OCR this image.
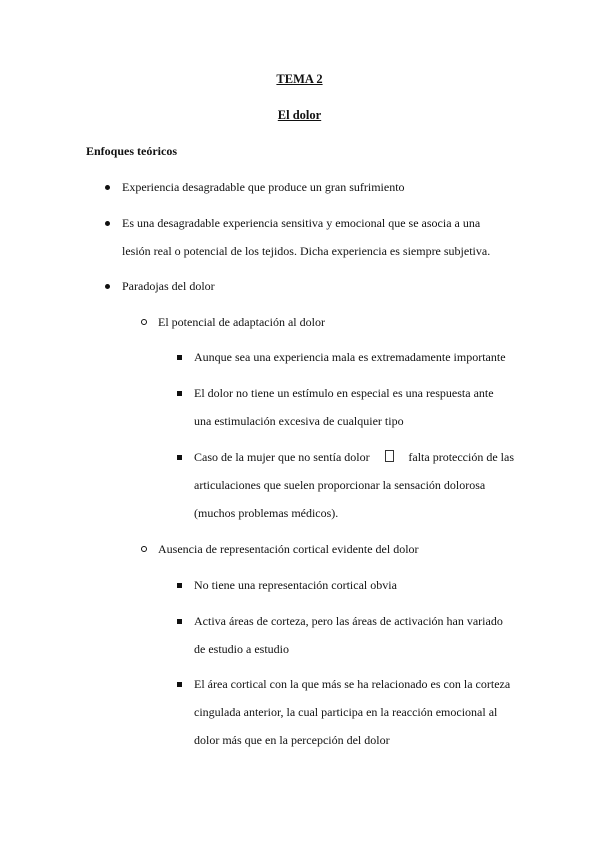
TEMA 2
El dolor
Enfoques teóricos
Experiencia desagradable que produce un gran sufrimiento
Es una desagradable experiencia sensitiva y emocional que se asocia a una
lesión real o potencial de los tejidos. Dicha experiencia es siempre subjetiva.
Paradojas del dolor
El potencial de adaptación al dolor
Aunque sea una experiencia mala es extremadamente importante
El dolor no tiene un estímulo en especial es una respuesta ante
una estimulación excesiva de cualquier tipo
Caso de la mujer que no sentía dolor	falta protección de las
articulaciones que suelen proporcionar la sensación dolorosa
(muchos problemas médicos).
Ausencia de representación cortical evidente del dolor
No tiene una representación cortical obvia
Activa áreas de corteza, pero las áreas de activación han variado
de estudio a estudio
El área cortical con la que más se ha relacionado es con la corteza
cingulada anterior, la cual participa en la reacción emocional al
dolor más que en la percepción del dolor
